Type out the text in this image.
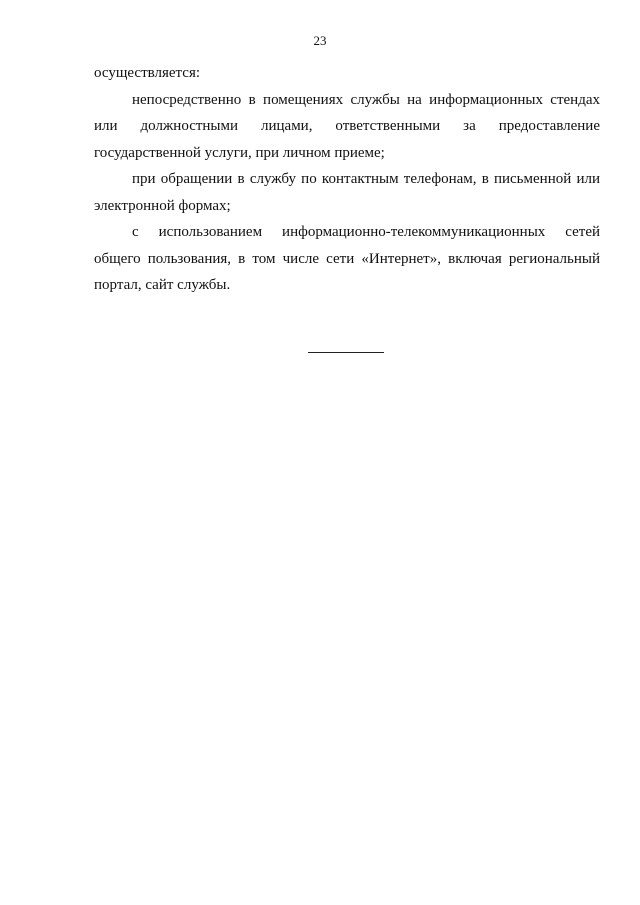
23

осуществляется:

непосредственно в помещениях службы на информационных стендах или должностными лицами, ответственными за предоставление государственной услуги, при личном приеме;

при обращении в службу по контактным телефонам, в письменной или электронной формах;

с использованием информационно-телекоммуникационных сетей общего пользования, в том числе сети «Интернет», включая региональный портал, сайт службы.
